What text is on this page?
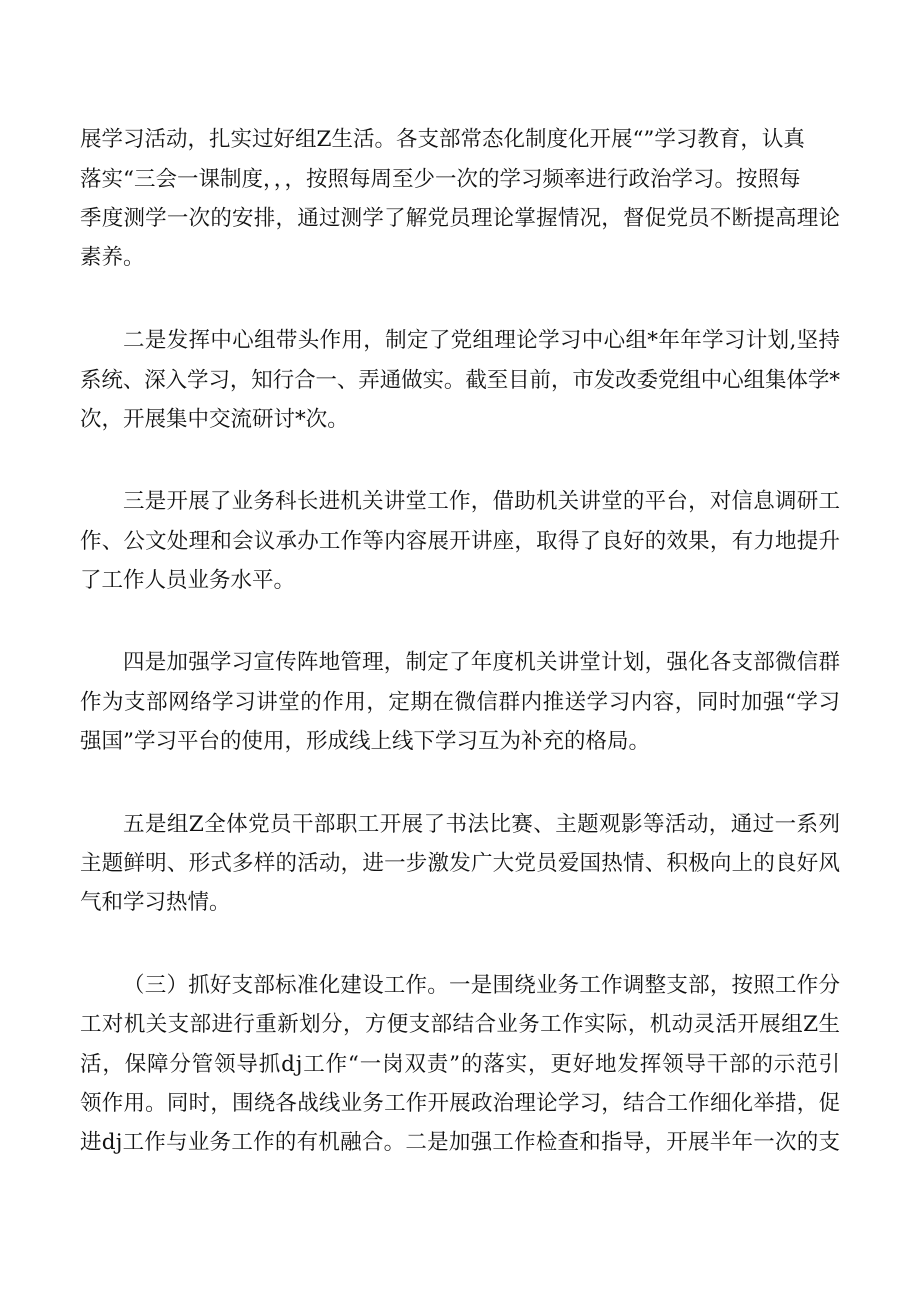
展学习活动，扎实过好组Z生活。各支部常态化制度化开展“”学习教育，认真
落实“三会一课制度，，，按照每周至少一次的学习频率进行政治学习。按照每
季度测学一次的安排，通过测学了解党员理论掌握情况，督促党员不断提高理论
素养。
二是发挥中心组带头作用，制定了党组理论学习中心组*年年学习计划,坚持
系统、深入学习，知行合一、弄通做实。截至目前，市发改委党组中心组集体学*
次，开展集中交流研讨*次。
三是开展了业务科长进机关讲堂工作，借助机关讲堂的平台，对信息调研工
作、公文处理和会议承办工作等内容展开讲座，取得了良好的效果，有力地提升
了工作人员业务水平。
四是加强学习宣传阵地管理，制定了年度机关讲堂计划，强化各支部微信群
作为支部网络学习讲堂的作用，定期在微信群内推送学习内容，同时加强“学习
强国”学习平台的使用，形成线上线下学习互为补充的格局。
五是组Z全体党员干部职工开展了书法比赛、主题观影等活动，通过一系列
主题鲜明、形式多样的活动，进一步激发广大党员爱国热情、积极向上的良好风
气和学习热情。
（三）抓好支部标准化建设工作。一是围绕业务工作调整支部，按照工作分
工对机关支部进行重新划分，方便支部结合业务工作实际，机动灵活开展组Z生
活，保障分管领导抓dj工作“一岗双责”的落实，更好地发挥领导干部的示范引
领作用。同时，围绕各战线业务工作开展政治理论学习，结合工作细化举措，促
进dj工作与业务工作的有机融合。二是加强工作检查和指导，开展半年一次的支
